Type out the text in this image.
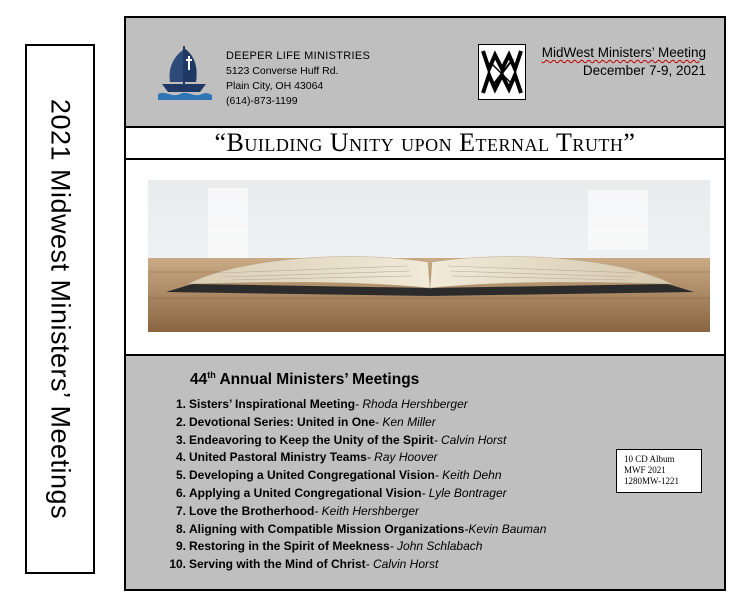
2021 Midwest Ministers’ Meetings
DEEPER LIFE MINISTRIES
5123 Converse Huff Rd.
Plain City, OH 43064
(614)-873-1199
MidWest Ministers’ Meeting
December 7-9, 2021
“Building Unity upon Eternal Truth”
44th Annual Ministers’ Meetings
1. Sisters’ Inspirational Meeting- Rhoda Hershberger
2. Devotional Series: United in One- Ken Miller
3. Endeavoring to Keep the Unity of the Spirit- Calvin Horst
4. United Pastoral Ministry Teams- Ray Hoover
5. Developing a United Congregational Vision- Keith Dehn
6. Applying a United Congregational Vision- Lyle Bontrager
7. Love the Brotherhood- Keith Hershberger
8. Aligning with Compatible Mission Organizations-Kevin Bauman
9. Restoring in the Spirit of Meekness- John Schlabach
10. Serving with the Mind of Christ- Calvin Horst
10 CD Album
MWF 2021
1280MW-1221
